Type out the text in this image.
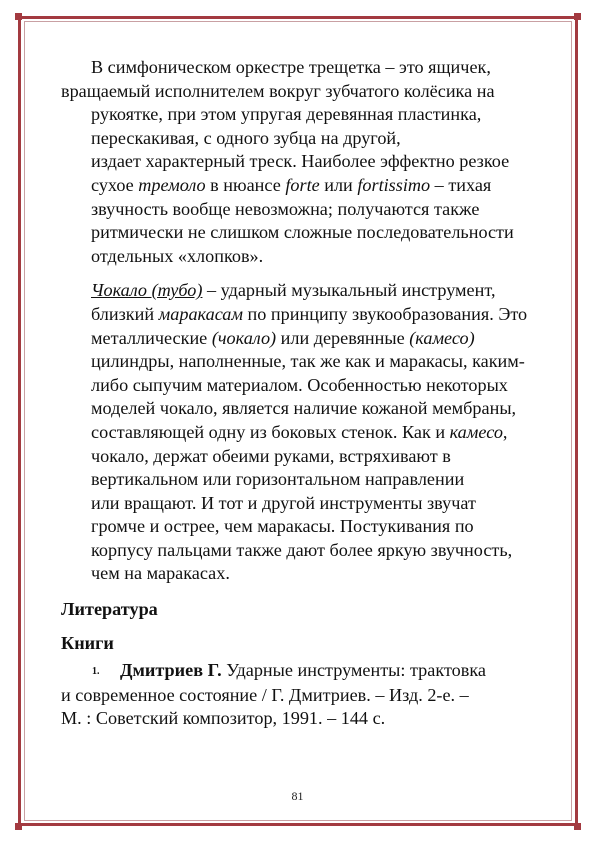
В симфоническом оркестре трещетка – это ящичек,
вращаемый исполнителем вокруг зубчатого колёсика на
рукоятке, при этом упругая деревянная пластинка,
перескакивая, с одного зубца на другой,
издает характерный треск. Наиболее эффектно резкое
сухое тремоло в нюансе forte или fortissimo – тихая
звучность вообще невозможна; получаются также
ритмически не слишком сложные последовательности
отдельных «хлопков».

Чокало (тубо) – ударный музыкальный инструмент,
близкий маракасам по принципу звукообразования. Это
металлические (чокало) или деревянные (камесо)
цилиндры, наполненные, так же как и маракасы, каким-
либо сыпучим материалом. Особенностью некоторых
моделей чокало, является наличие кожаной мембраны,
составляющей одну из боковых стенок. Как и камесо,
чокало, держат обеими руками, встряхивают в
вертикальном или горизонтальном направлении
или вращают. И тот и другой инструменты звучат
громче и острее, чем маракасы. Постукивания по
корпусу пальцами также дают более яркую звучность,
чем на маракасах.

Литература
Книги
1. Дмитриев Г. Ударные инструменты: трактовка
и современное состояние / Г. Дмитриев. – Изд. 2-е. –
М. : Советский композитор, 1991. – 144 с.
81
